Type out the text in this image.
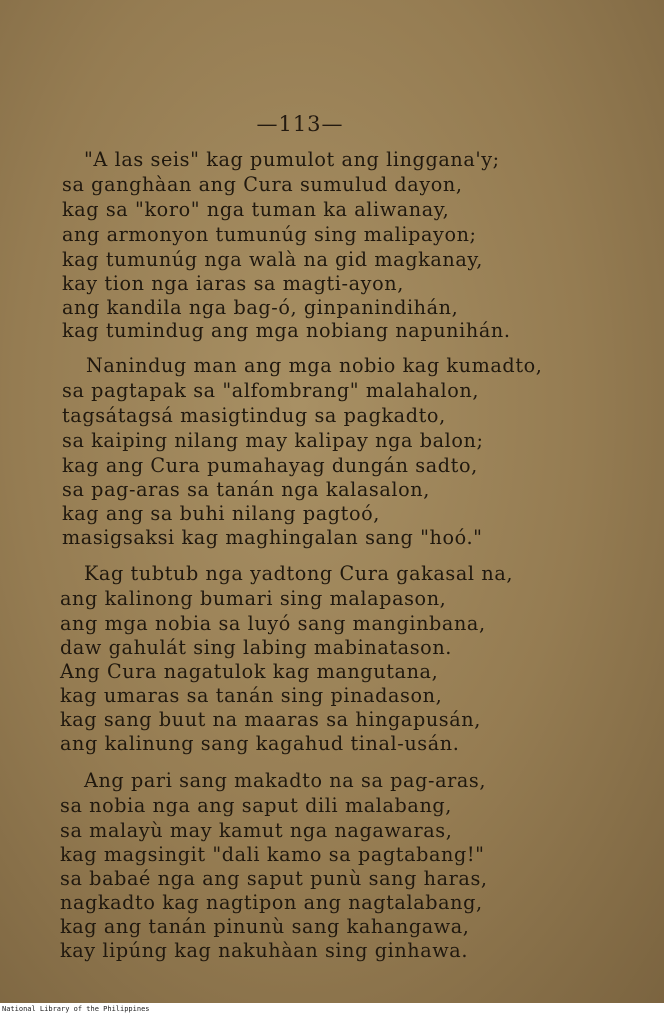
—113—
"A las seis" kag pumulot ang linggana'y;
sa ganghàan ang Cura sumulud dayon,
kag sa "koro" nga tuman ka aliwanay,
ang armonyon tumunúg sing malipayon;
kag tumunúg nga walà na gid magkanay,
kay tion nga iaras sa magti-ayon,
ang kandila nga bag-ó, ginpanindihán,
kag tumindug ang mga nobiang napunihán.
Nanindug man ang mga nobio kag kumadto,
sa pagtapak sa "alfombrang" malahalon,
tagsátagsá masigtindug sa pagkadto,
sa kaiping nilang may kalipay nga balon;
kag ang Cura pumahayag dungán sadto,
sa pag-aras sa tanán nga kalasalon,
kag ang sa buhi nilang pagtoó,
masigsaksi kag maghingalan sang "hoó."
Kag tubtub nga yadtong Cura gakasal na,
ang kalinong bumari sing malapason,
ang mga nobia sa luyó sang manginbana,
daw gahulát sing labing mabinatason.
Ang Cura nagatulok kag mangutana,
kag umaras sa tanán sing pinadason,
kag sang buut na maaras sa hingapusán,
ang kalinung sang kagahud tinal-usán.
Ang pari sang makadto na sa pag-aras,
sa nobia nga ang saput dili malabang,
sa malayù may kamut nga nagawaras,
kag magsingit "dali kamo sa pagtabang!"
sa babaé nga ang saput punù sang haras,
nagkadto kag nagtipon ang nagtalabang,
kag ang tanán pinunù sang kahangawa,
kay lipúng kag nakuhàan sing ginhawa.
National Library of the Philippines
